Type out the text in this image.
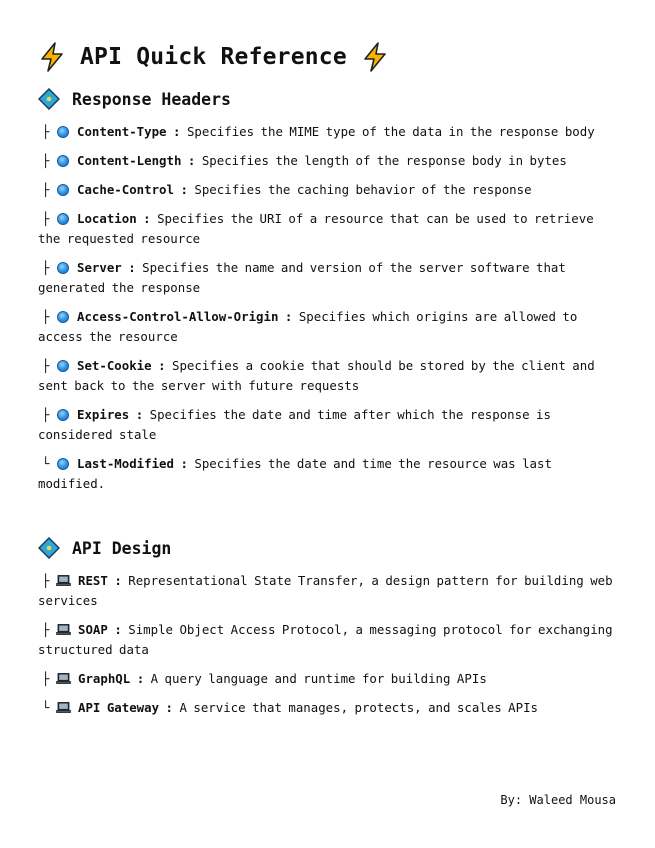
API Quick Reference
Response Headers
├ Content-Type : Specifies the MIME type of the data in the response body
├ Content-Length : Specifies the length of the response body in bytes
├ Cache-Control : Specifies the caching behavior of the response
├ Location : Specifies the URI of a resource that can be used to retrieve the requested resource
├ Server : Specifies the name and version of the server software that generated the response
├ Access-Control-Allow-Origin : Specifies which origins are allowed to access the resource
├ Set-Cookie : Specifies a cookie that should be stored by the client and sent back to the server with future requests
├ Expires : Specifies the date and time after which the response is considered stale
└ Last-Modified : Specifies the date and time the resource was last modified.
API Design
├ REST : Representational State Transfer, a design pattern for building web services
├ SOAP : Simple Object Access Protocol, a messaging protocol for exchanging structured data
├ GraphQL : A query language and runtime for building APIs
└ API Gateway : A service that manages, protects, and scales APIs
By: Waleed Mousa
